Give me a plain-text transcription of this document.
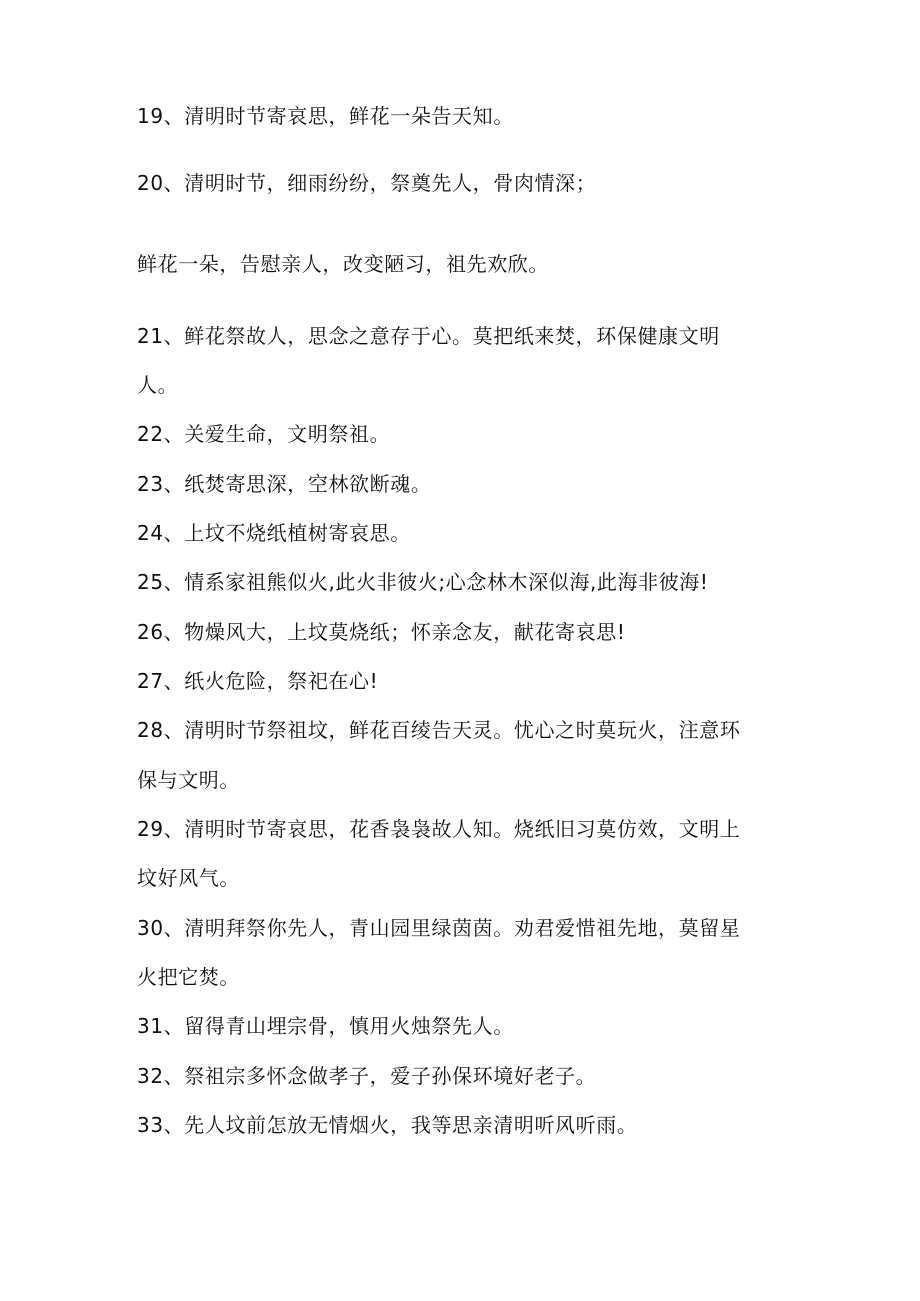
19、清明时节寄哀思，鲜花一朵告天知。
20、清明时节，细雨纷纷，祭奠先人，骨肉情深；
鲜花一朵，告慰亲人，改变陋习，祖先欢欣。
21、鲜花祭故人，思念之意存于心。莫把纸来焚，环保健康文明
人。
22、关爱生命，文明祭祖。
23、纸焚寄思深，空林欲断魂。
24、上坟不烧纸植树寄哀思。
25、情系家祖熊似火,此火非彼火;心念林木深似海,此海非彼海!
26、物燥风大，上坟莫烧纸；怀亲念友，献花寄哀思!
27、纸火危险，祭祀在心!
28、清明时节祭祖坟，鲜花百绫告天灵。忧心之时莫玩火，注意环
保与文明。
29、清明时节寄哀思，花香袅袅故人知。烧纸旧习莫仿效，文明上
坟好风气。
30、清明拜祭你先人，青山园里绿茵茵。劝君爱惜祖先地，莫留星
火把它焚。
31、留得青山埋宗骨，慎用火烛祭先人。
32、祭祖宗多怀念做孝子，爱子孙保环境好老子。
33、先人坟前怎放无情烟火，我等思亲清明听风听雨。
